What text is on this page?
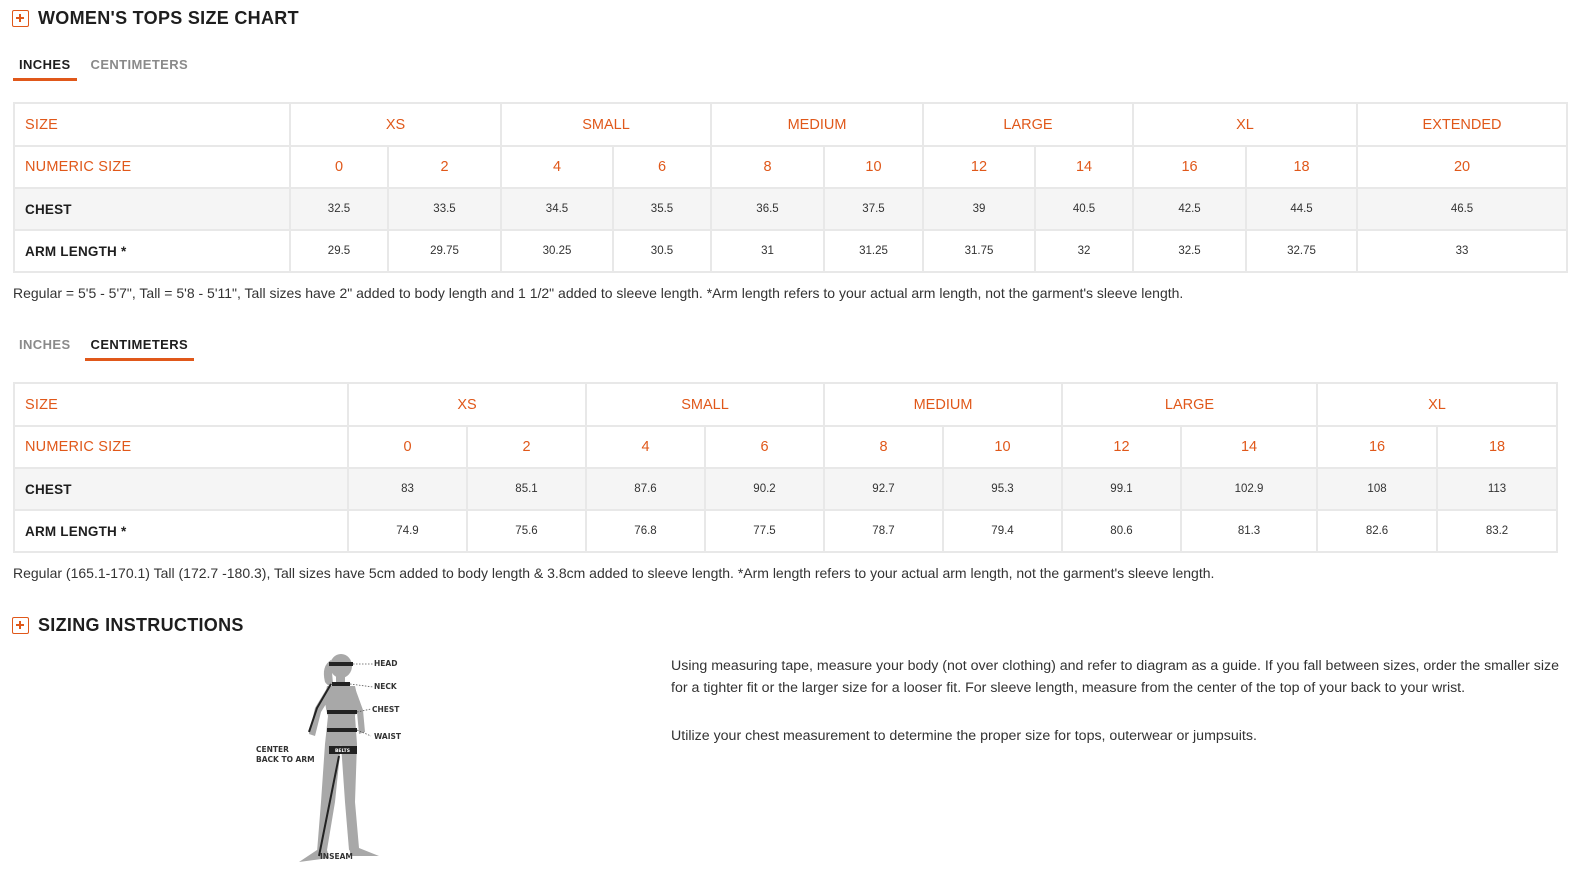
WOMEN'S TOPS SIZE CHART
INCHES	CENTIMETERS
SIZE	XS		SMALL		MEDIUM		LARGE		XL		EXTENDED
NUMERIC SIZE	0	2	4	6	8	10	12	14	16	18	20
CHEST	32.5	33.5	34.5	35.5	36.5	37.5	39	40.5	42.5	44.5	46.5
ARM LENGTH *	29.5	29.75	30.25	30.5	31	31.25	31.75	32	32.5	32.75	33
Regular = 5'5 - 5'7", Tall = 5'8 - 5'11", Tall sizes have 2" added to body length and 1 1/2" added to sleeve length. *Arm length refers to your actual arm length, not the garment's sleeve length.
INCHES	CENTIMETERS
SIZE	XS		SMALL		MEDIUM		LARGE		XL	
NUMERIC SIZE	0	2	4	6	8	10	12	14	16	18
CHEST	83	85.1	87.6	90.2	92.7	95.3	99.1	102.9	108	113
ARM LENGTH *	74.9	75.6	76.8	77.5	78.7	79.4	80.6	81.3	82.6	83.2
Regular (165.1-170.1) Tall (172.7 -180.3), Tall sizes have 5cm added to body length & 3.8cm added to sleeve length. *Arm length refers to your actual arm length, not the garment's sleeve length.
SIZING INSTRUCTIONS
HEAD
NECK
CHEST
WAIST
BELTS
CENTER
BACK TO ARM
INSEAM

Using measuring tape, measure your body (not over clothing) and refer to diagram as a guide. If you fall between sizes, order the smaller size for a tighter fit or the larger size for a looser fit. For sleeve length, measure from the center of the top of your back to your wrist.

Utilize your chest measurement to determine the proper size for tops, outerwear or jumpsuits.
